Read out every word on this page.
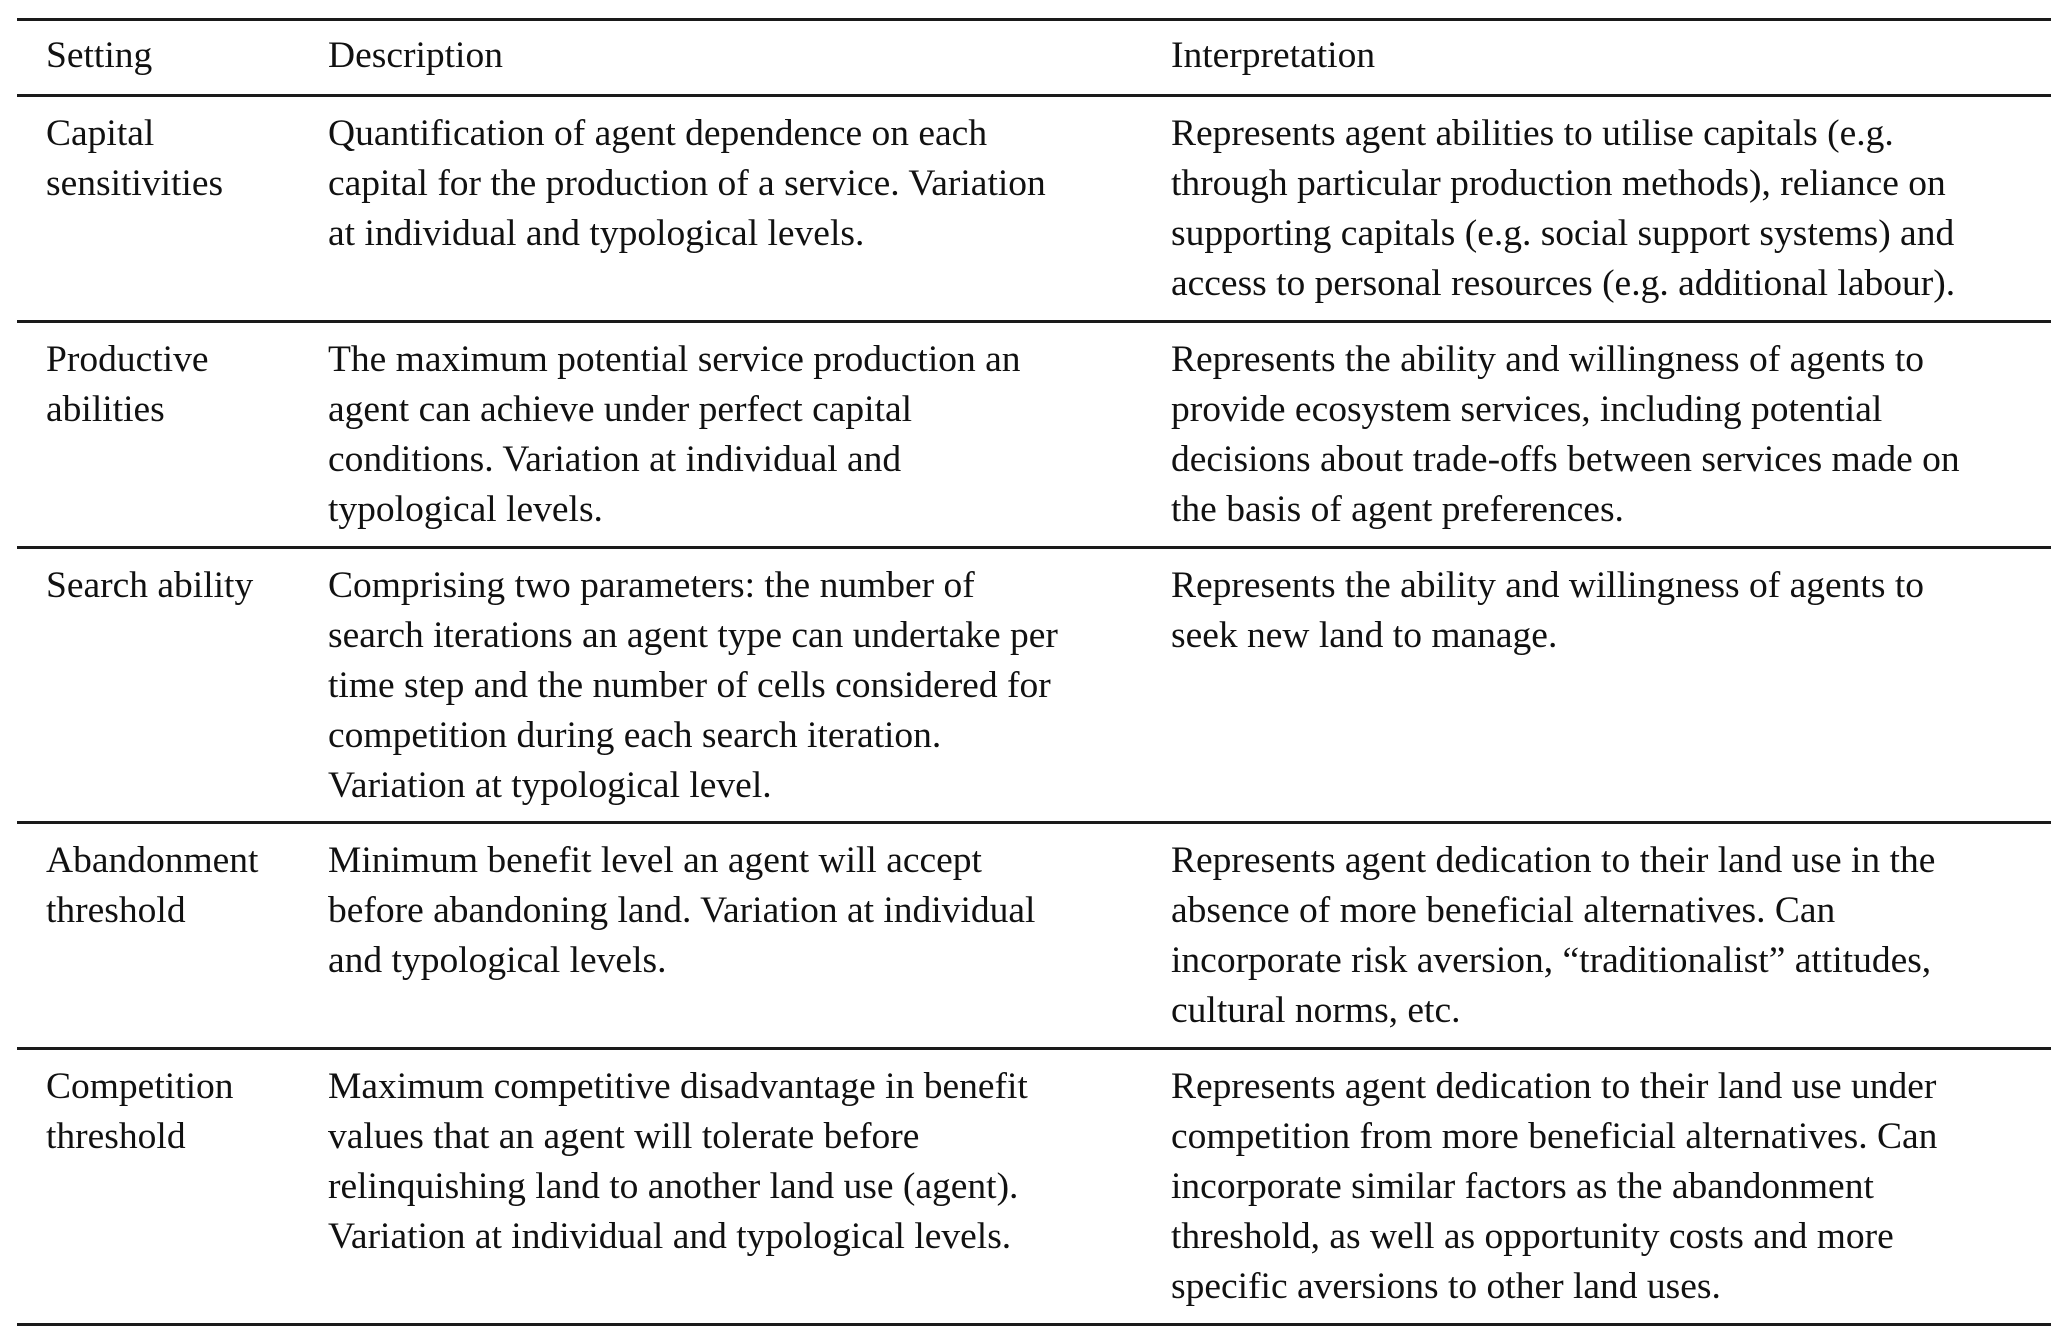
Setting	Description	Interpretation
Capital
sensitivities
Quantification of agent dependence on each
capital for the production of a service. Variation
at individual and typological levels.
Represents agent abilities to utilise capitals (e.g.
through particular production methods), reliance on
supporting capitals (e.g. social support systems) and
access to personal resources (e.g. additional labour).
Productive
abilities
The maximum potential service production an
agent can achieve under perfect capital
conditions. Variation at individual and
typological levels.
Represents the ability and willingness of agents to
provide ecosystem services, including potential
decisions about trade-offs between services made on
the basis of agent preferences.
Search ability Comprising two parameters: the number of
search iterations an agent type can undertake per
time step and the number of cells considered for
competition during each search iteration.
Variation at typological level.
Represents the ability and willingness of agents to
seek new land to manage.
Abandonment
threshold
Minimum benefit level an agent will accept
before abandoning land. Variation at individual
and typological levels.
Represents agent dedication to their land use in the
absence of more beneficial alternatives. Can
incorporate risk aversion, “traditionalist” attitudes,
cultural norms, etc.
Competition
threshold
Maximum competitive disadvantage in benefit
values that an agent will tolerate before
relinquishing land to another land use (agent).
Variation at individual and typological levels.
Represents agent dedication to their land use under
competition from more beneficial alternatives. Can
incorporate similar factors as the abandonment
threshold, as well as opportunity costs and more
specific aversions to other land uses.
